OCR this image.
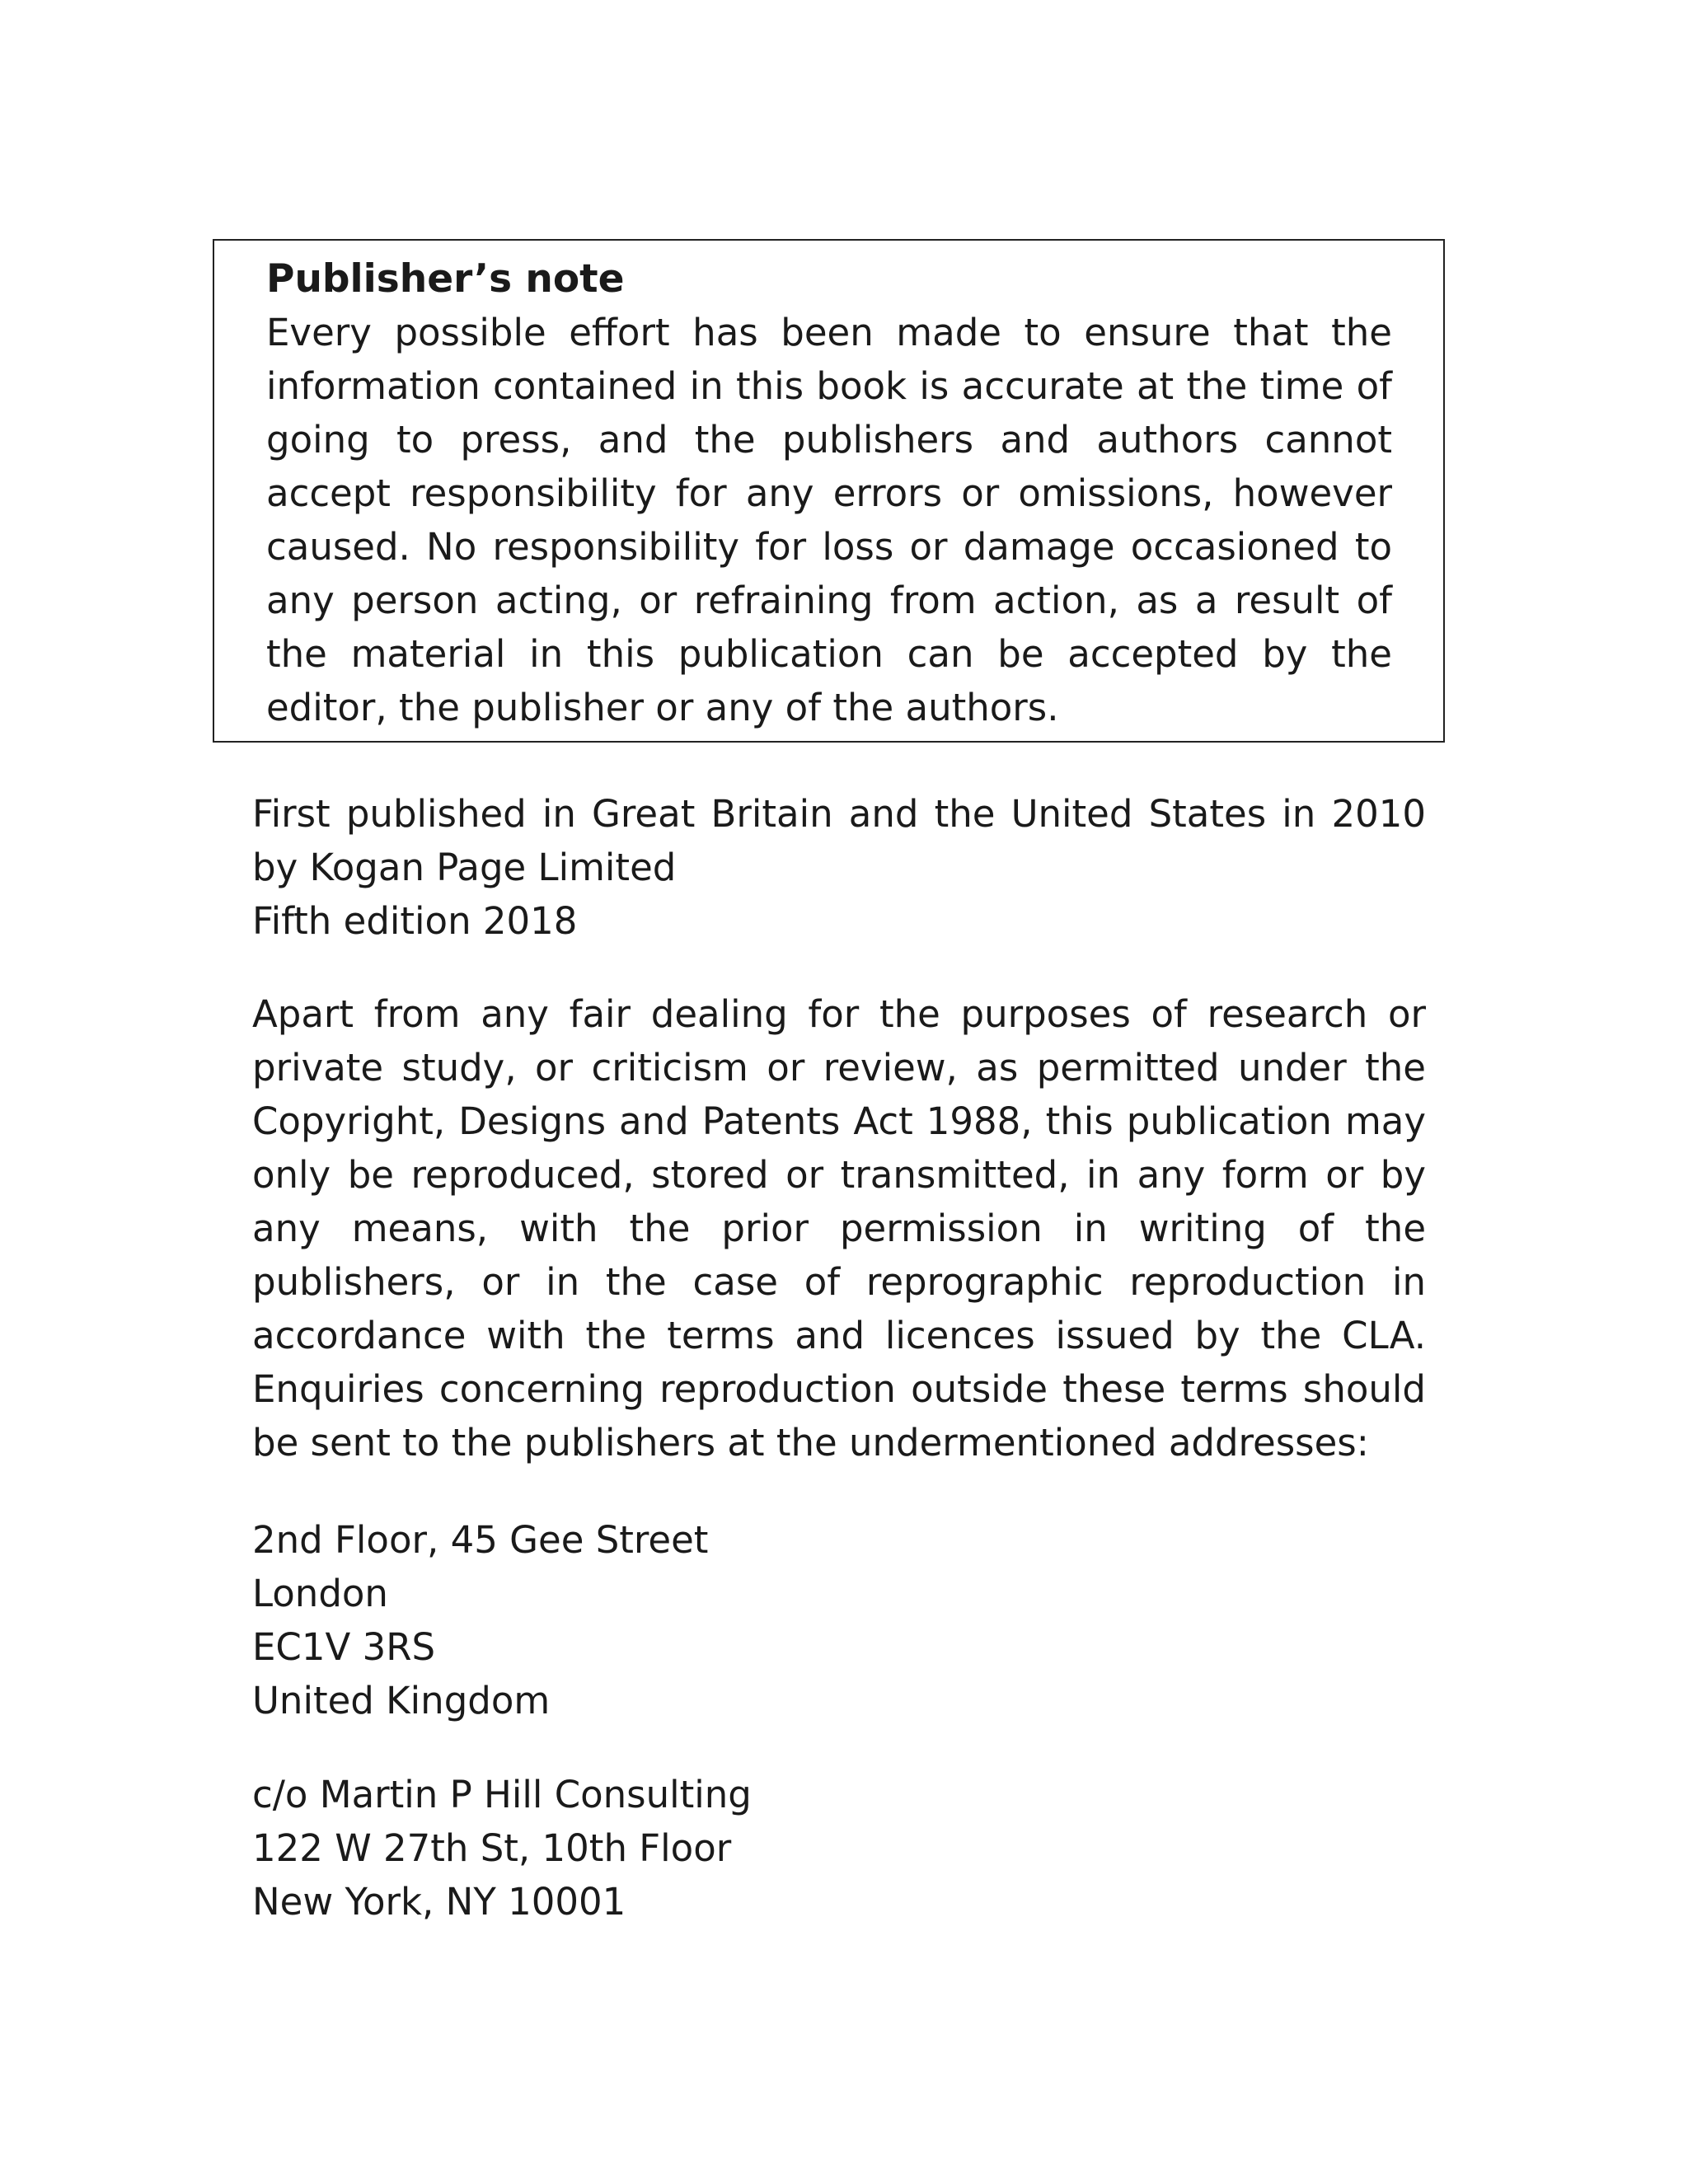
Publisher’s note

Every possible effort has been made to ensure that the information contained in this book is accurate at the time of going to press, and the publishers and authors cannot accept responsibility for any errors or omissions, however caused. No responsibility for loss or damage occasioned to any person acting, or refraining from action, as a result of the material in this publication can be accepted by the editor, the publisher or any of the authors.

First published in Great Britain and the United States in 2010 by Kogan Page Limited
Fifth edition 2018

Apart from any fair dealing for the purposes of research or private study, or criticism or review, as permitted under the Copyright, Designs and Patents Act 1988, this publication may only be reproduced, stored or transmitted, in any form or by any means, with the prior permission in writing of the publishers, or in the case of reprographic reproduction in accordance with the terms and licences issued by the CLA. Enquiries concerning reproduction outside these terms should be sent to the publishers at the undermentioned addresses:

2nd Floor, 45 Gee Street
London
EC1V 3RS
United Kingdom
c/o Martin P Hill Consulting
122 W 27th St, 10th Floor
New York, NY 10001
